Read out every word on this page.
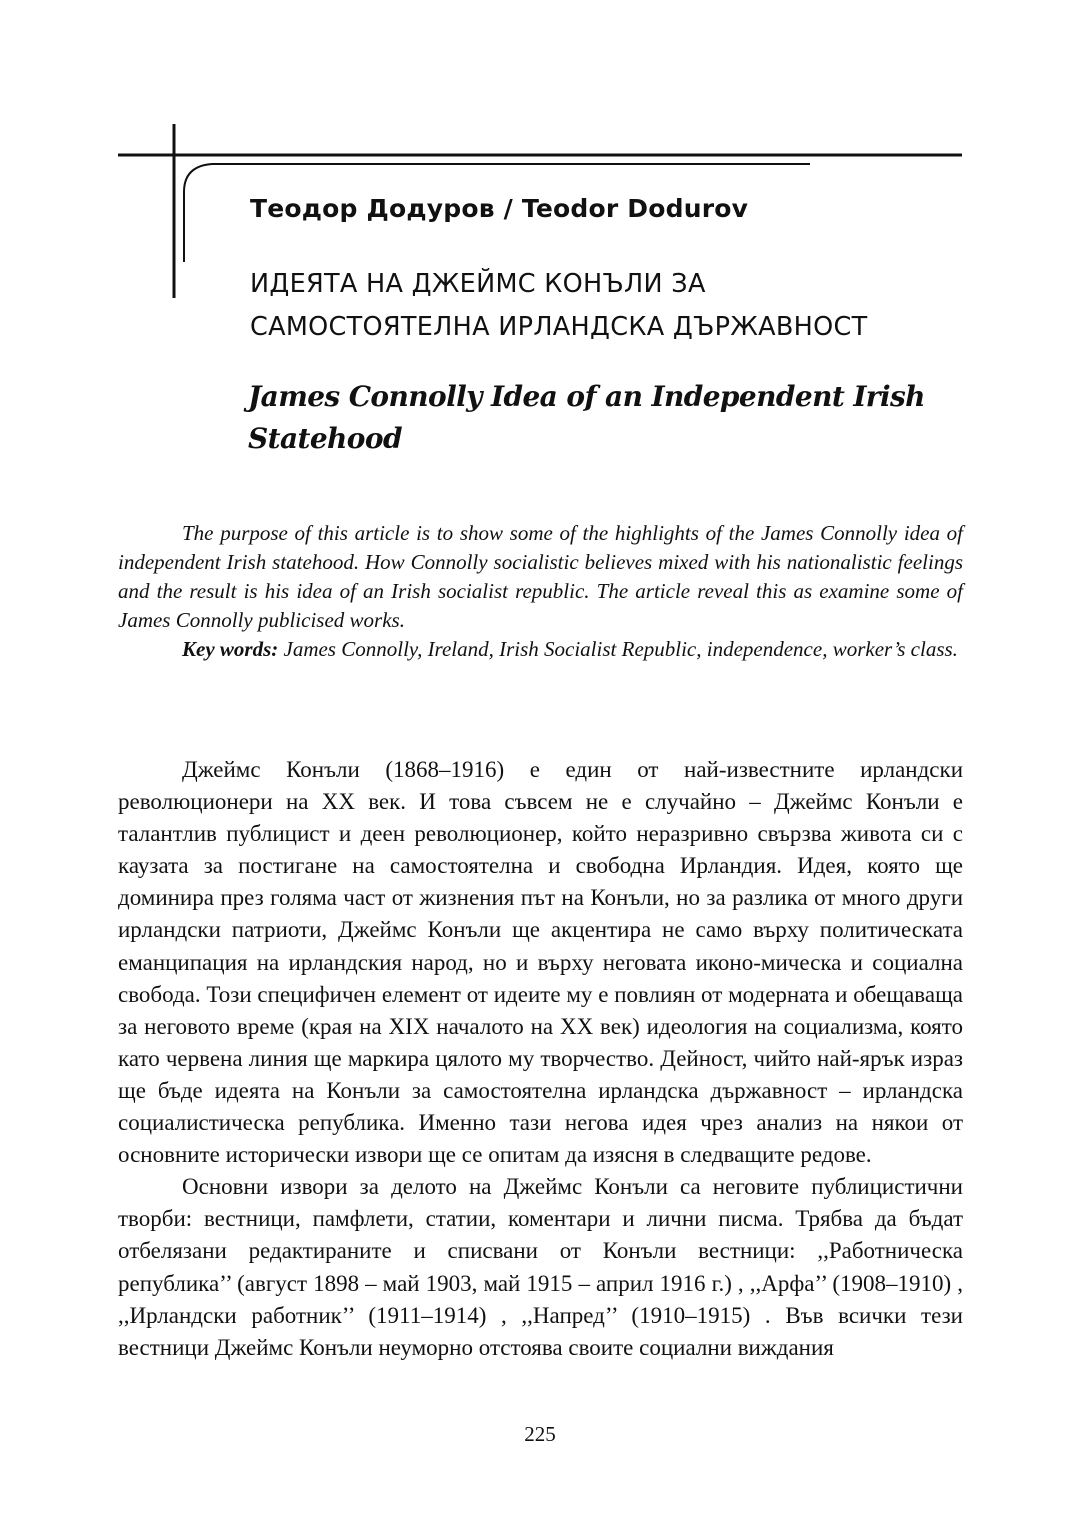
Теодор Додуров / Teodor Dodurov
ИДЕЯТА НА ДЖЕЙМС КОНЪЛИ ЗА
САМОСТОЯТЕЛНА ИРЛАНДСКА ДЪРЖАВНОСТ
James Connolly Idea of an Independent Irish
Statehood
The purpose of this article is to show some of the highlights of the James Connolly idea of independent Irish statehood. How Connolly socialistic believes mixed with his nationalistic feelings and the result is his idea of an Irish socialist republic. The article reveal this as examine some of James Connolly publicised works.
Key words: James Connolly, Ireland, Irish Socialist Republic, independence, worker’s class.

Джеймс Конъли (1868–1916) е един от най-известните ирландски революционери на ХХ век. И това съвсем не е случайно – Джеймс Конъли е талантлив публицист и деен революционер, който неразривно свързва живота си с каузата за постигане на самостоятелна и свободна Ирландия. Идея, която ще доминира през голяма част от жизнения път на Конъли, но за разлика от много други ирландски патриоти, Джеймс Конъли ще акцентира не само върху политическата еманципация на ирландския народ, но и върху неговата иконо-мическа и социална свобода. Този специфичен елемент от идеите му е повлиян от модерната и обещаваща за неговото време (края на XIX началото на XX век) идеология на социализма, която като червена линия ще маркира цялото му творчество. Дейност, чийто най-ярък израз ще бъде идеята на Конъли за самостоятелна ирландска държавност – ирландска социалистическа република. Именно тази негова идея чрез анализ на някои от основните исторически извори ще се опитам да изясня в следващите редове.

Основни извори за делото на Джеймс Конъли са неговите публицистични творби: вестници, памфлети, статии, коментари и лични писма. Трябва да бъдат отбелязани редактираните и списвани от Конъли вестници: ,,Работническа република’’ (август 1898 – май 1903, май 1915 – април 1916 г.) , ,,Арфа’’ (1908–1910) , ,,Ирландски работник’’ (1911–1914) , ,,Напред’’ (1910–1915) . Във всички тези вестници Джеймс Конъли неуморно отстоява своите социални виждания

225
